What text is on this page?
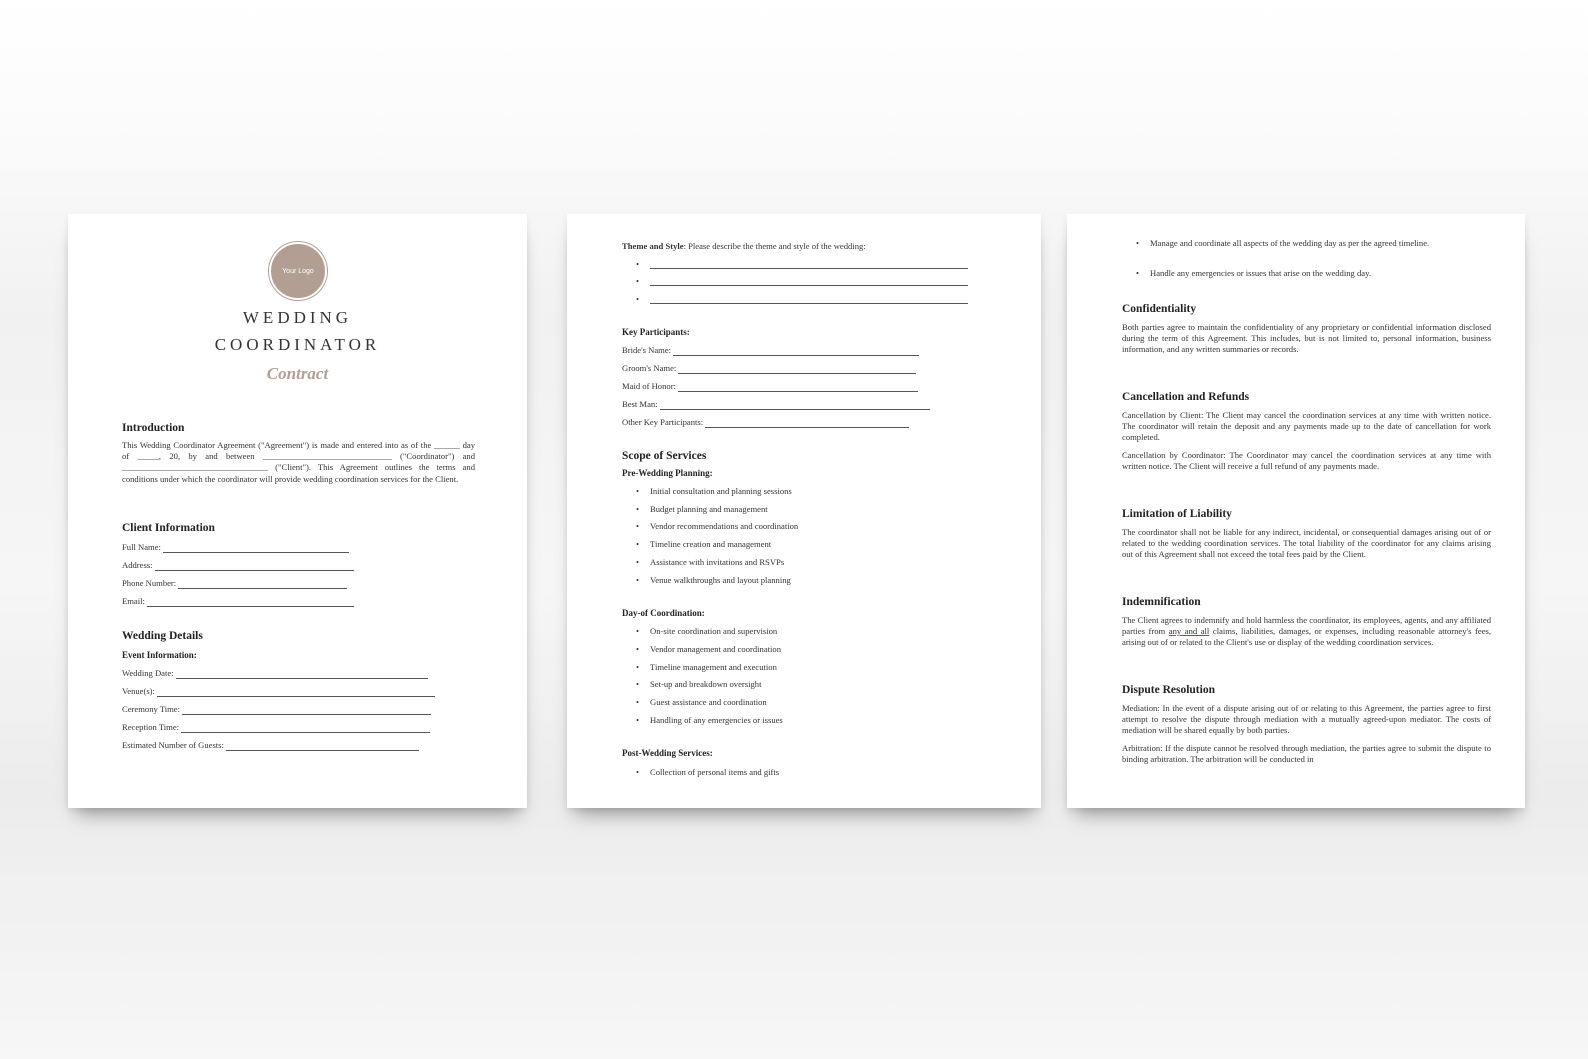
Your Logo
WEDDING
COORDINATOR
Contract
Introduction
This Wedding Coordinator Agreement ("Agreement") is made and entered into as of the ______ day of _____, 20, by and between ______________________________ ("Coordinator") and __________________________________ ("Client"). This Agreement outlines the terms and conditions under which the coordinator will provide wedding coordination services for the Client.
Client Information
Full Name:
Address:
Phone Number:
Email:
Wedding Details
Event Information:
Wedding Date:
Venue(s):
Ceremony Time:
Reception Time:
Estimated Number of Guests:
Theme and Style: Please describe the theme and style of the wedding:
•
•
•
Key Participants:
Bride's Name:
Groom's Name:
Maid of Honor:
Best Man:
Other Key Participants:
Scope of Services
Pre-Wedding Planning:
• Initial consultation and planning sessions
• Budget planning and management
• Vendor recommendations and coordination
• Timeline creation and management
• Assistance with invitations and RSVPs
• Venue walkthroughs and layout planning
Day-of Coordination:
• On-site coordination and supervision
• Vendor management and coordination
• Timeline management and execution
• Set-up and breakdown oversight
• Guest assistance and coordination
• Handling of any emergencies or issues
Post-Wedding Services:
• Collection of personal items and gifts
• Manage and coordinate all aspects of the wedding day as per the agreed timeline.
• Handle any emergencies or issues that arise on the wedding day.
Confidentiality
Both parties agree to maintain the confidentiality of any proprietary or confidential information disclosed during the term of this Agreement. This includes, but is not limited to, personal information, business information, and any written summaries or records.
Cancellation and Refunds
Cancellation by Client: The Client may cancel the coordination services at any time with written notice. The coordinator will retain the deposit and any payments made up to the date of cancellation for work completed.
Cancellation by Coordinator: The Coordinator may cancel the coordination services at any time with written notice. The Client will receive a full refund of any payments made.
Limitation of Liability
The coordinator shall not be liable for any indirect, incidental, or consequential damages arising out of or related to the wedding coordination services. The total liability of the coordinator for any claims arising out of this Agreement shall not exceed the total fees paid by the Client.
Indemnification
The Client agrees to indemnify and hold harmless the coordinator, its employees, agents, and any affiliated parties from any and all claims, liabilities, damages, or expenses, including reasonable attorney's fees, arising out of or related to the Client's use or display of the wedding coordination services.
Dispute Resolution
Mediation: In the event of a dispute arising out of or relating to this Agreement, the parties agree to first attempt to resolve the dispute through mediation with a mutually agreed-upon mediator. The costs of mediation will be shared equally by both parties.
Arbitration: If the dispute cannot be resolved through mediation, the parties agree to submit the dispute to binding arbitration. The arbitration will be conducted in
